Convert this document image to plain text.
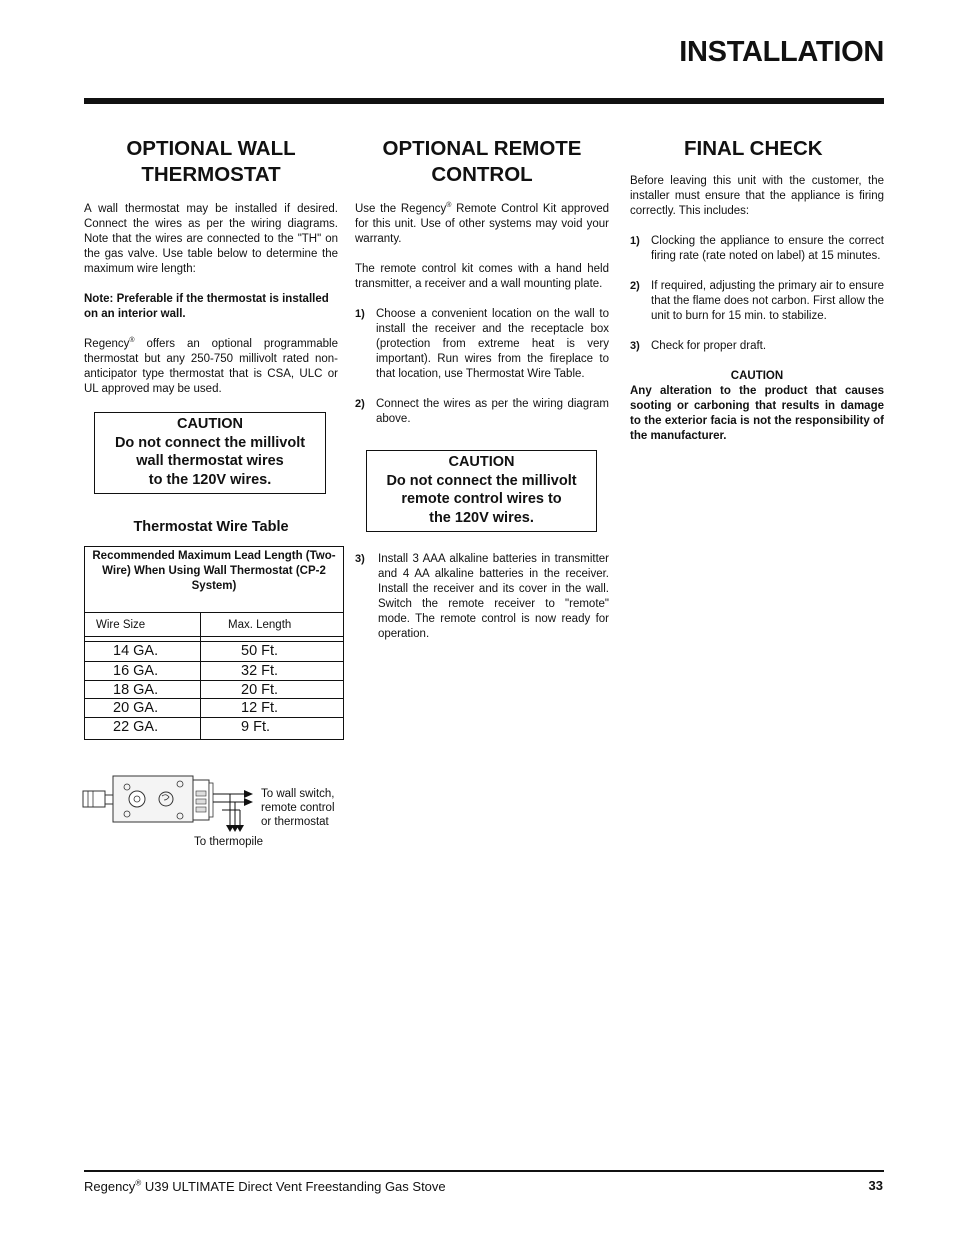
INSTALLATION
OPTIONAL WALL THERMOSTAT

A wall thermostat may be installed if desired. Connect the wires as per the wiring diagrams. Note that the wires are connected to the "TH" on the gas valve. Use table below to determine the maximum wire length:

Note: Preferable if the thermostat is installed on an interior wall.

Regency® offers an optional programmable thermostat but any 250-750 millivolt rated non-anticipator type thermostat that is CSA, ULC or UL approved may be used.

CAUTION
Do not connect the millivolt
wall thermostat wires
to the 120V wires.
Thermostat Wire Table
Recommended Maximum Lead Length (Two-Wire) When Using Wall Thermostat (CP-2 System)
Wire Size	Max. Length
14 GA.	50 Ft.
16 GA.	32 Ft.
18 GA.	20 Ft.
20 GA.	12 Ft.
22 GA.	9 Ft.
To wall switch, remote control or thermostat
To thermopile
OPTIONAL REMOTE CONTROL

Use the Regency® Remote Control Kit approved for this unit. Use of other systems may void your warranty.

The remote control kit comes with a hand held transmitter, a receiver and a wall mounting plate.

1) Choose a convenient location on the wall to install the receiver and the receptacle box (protection from extreme heat is very important). Run wires from the fireplace to that location, use Thermostat Wire Table.
2) Connect the wires as per the wiring diagram above.
CAUTION
Do not connect the millivolt
remote control wires to
the 120V wires.
3)	Install 3 AAA alkaline batteries in transmitter and 4 AA alkaline batteries in the receiver. Install the receiver and its cover in the wall. Switch the remote receiver to "remote" mode. The remote control is now ready for operation.
FINAL CHECK

Before leaving this unit with the customer, the installer must ensure that the appliance is firing correctly. This includes:

1) Clocking the appliance to ensure the correct firing rate (rate noted on label) at 15 minutes.
2) If required, adjusting the primary air to ensure that the flame does not carbon. First allow the unit to burn for 15 min. to stabilize.
3) Check for proper draft.

CAUTION

Any alteration to the product that causes sooting or carboning that results in damage to the exterior facia is not the responsibility of the manufacturer.

Regency® U39 ULTIMATE Direct Vent Freestanding Gas Stove	33
